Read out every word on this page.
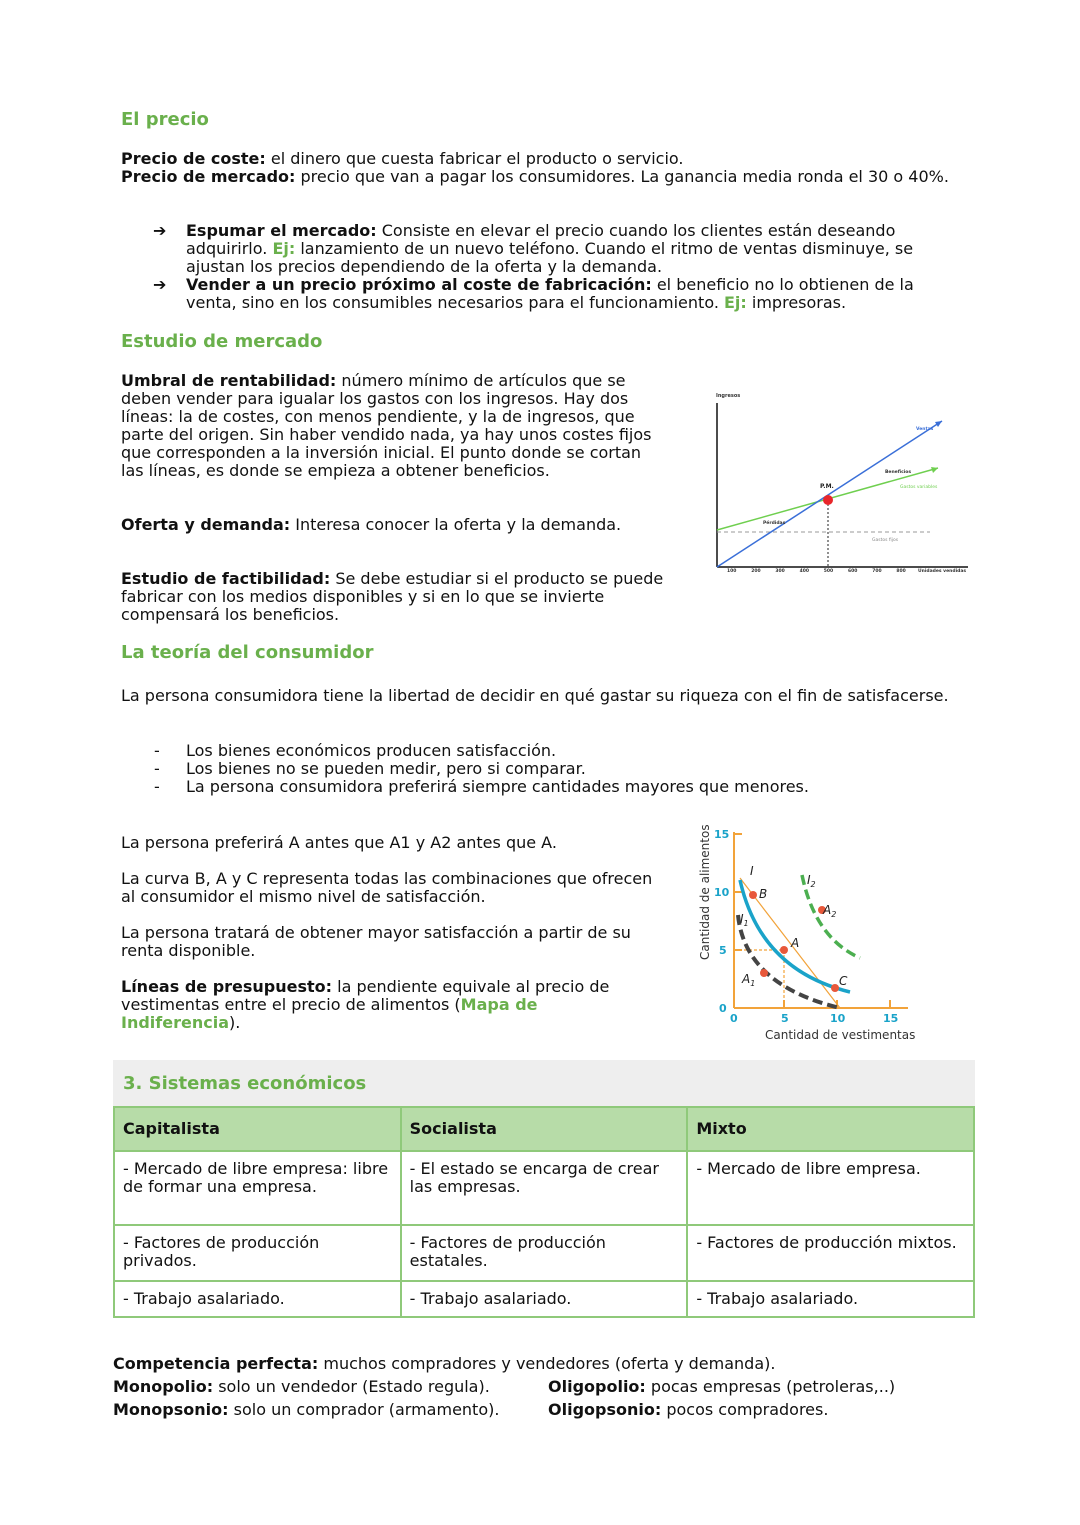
El precio
Precio de coste: el dinero que cuesta fabricar el producto o servicio.
Precio de mercado: precio que van a pagar los consumidores. La ganancia media ronda el 30 o 40%.
➔ Espumar el mercado: Consiste en elevar el precio cuando los clientes están deseando adquirirlo. Ej: lanzamiento de un nuevo teléfono. Cuando el ritmo de ventas disminuye, se ajustan los precios dependiendo de la oferta y la demanda.
➔ Vender a un precio próximo al coste de fabricación: el beneficio no lo obtienen de la venta, sino en los consumibles necesarios para el funcionamiento. Ej: impresoras.
Estudio de mercado
Umbral de rentabilidad: número mínimo de artículos que se deben vender para igualar los gastos con los ingresos. Hay dos líneas: la de costes, con menos pendiente, y la de ingresos, que parte del origen. Sin haber vendido nada, ya hay unos costes fijos que corresponden a la inversión inicial. El punto donde se cortan las líneas, es donde se empieza a obtener beneficios.
Oferta y demanda: Interesa conocer la oferta y la demanda.
Estudio de factibilidad: Se debe estudiar si el producto se puede fabricar con los medios disponibles y si en lo que se invierte compensará los beneficios.
Ingresos
P.M.
Ventas
Beneficios
Gastos variables
Pérdidas
Gastos fijos
100	200	300	400	500	600	700	800	Unidades vendidas
La teoría del consumidor
La persona consumidora tiene la libertad de decidir en qué gastar su riqueza con el fin de satisfacerse.
- Los bienes económicos producen satisfacción.
- Los bienes no se pueden medir, pero si comparar.
- La persona consumidora preferirá siempre cantidades mayores que menores.
La persona preferirá A antes que A1 y A2 antes que A.
La curva B, A y C representa todas las combinaciones que ofrecen al consumidor el mismo nivel de satisfacción.
La persona tratará de obtener mayor satisfacción a partir de su renta disponible.
Líneas de presupuesto: la pendiente equivale al precio de vestimentas entre el precio de alimentos (Mapa de Indiferencia).
Cantidad de alimentos 15
10
5
0
0	5	10	15
Cantidad de vestimentas
I
$I_1$
$I_2$
B
A
$A_1$
$A_2$
C
3. Sistemas económicos
Capitalista	Socialista	Mixto
- Mercado de libre empresa: libre de formar una empresa.	- El estado se encarga de crear las empresas.	- Mercado de libre empresa.
- Factores de producción privados.	- Factores de producción estatales.	- Factores de producción mixtos.
- Trabajo asalariado.	- Trabajo asalariado.	- Trabajo asalariado.
Competencia perfecta: muchos compradores y vendedores (oferta y demanda).
Monopolio: solo un vendedor (Estado regula).	Oligopolio: pocas empresas (petroleras,..)
Monopsonio: solo un comprador (armamento).	Oligopsonio: pocos compradores.
